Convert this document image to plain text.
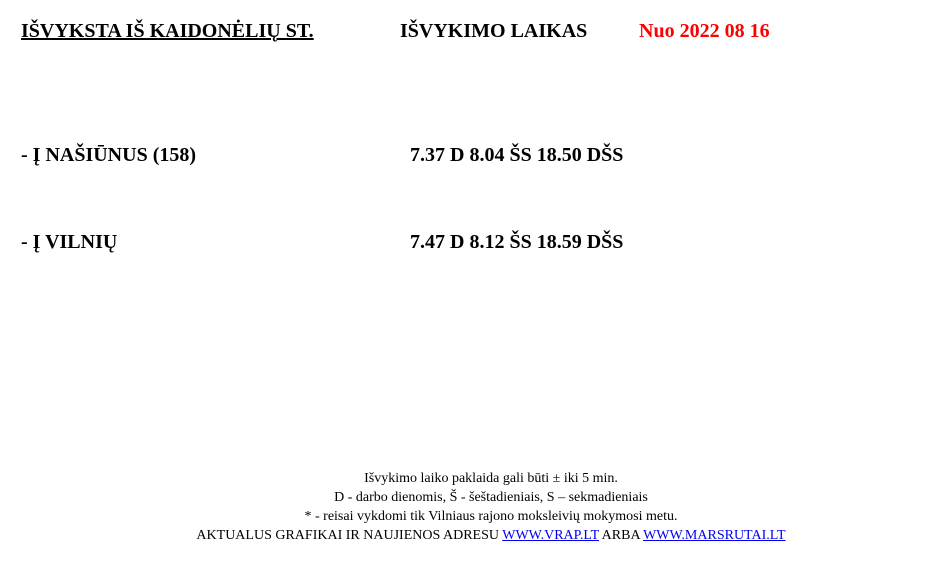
IŠVYKSTA IŠ KAIDONĖLIŲ ST.	IŠVYKIMO LAIKAS	Nuo 2022 08 16
- Į NAŠIŪNUS (158)	7.37 D 8.04 ŠS 18.50 DŠS
- Į VILNIŲ	7.47 D 8.12 ŠS 18.59 DŠS
Išvykimo laiko paklaida gali būti ± iki 5 min.
D - darbo dienomis, Š - šeštadieniais, S – sekmadieniais
* - reisai vykdomi tik Vilniaus rajono moksleivių mokymosi metu.
AKTUALUS GRAFIKAI IR NAUJIENOS ADRESU WWW.VRAP.LT ARBA WWW.MARSRUTAI.LT
